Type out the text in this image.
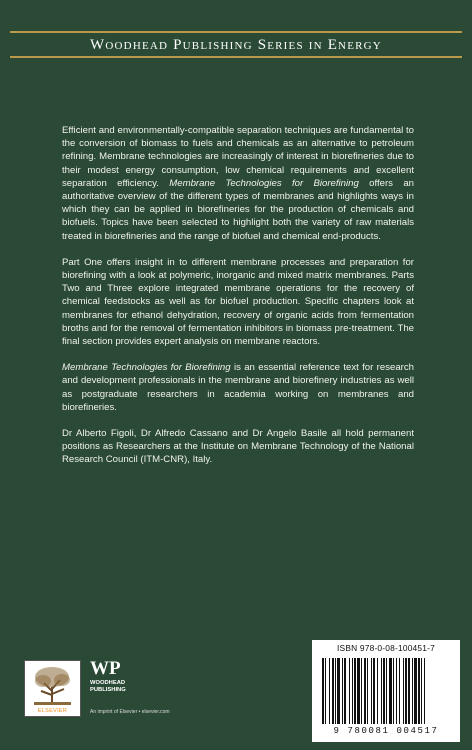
Woodhead Publishing Series in Energy

Efficient and environmentally-compatible separation techniques are fundamental to the conversion of biomass to fuels and chemicals as an alternative to petroleum refining. Membrane technologies are increasingly of interest in biorefineries due to their modest energy consumption, low chemical requirements and excellent separation efficiency. Membrane Technologies for Biorefining offers an authoritative overview of the different types of membranes and highlights ways in which they can be applied in biorefineries for the production of chemicals and biofuels. Topics have been selected to highlight both the variety of raw materials treated in biorefineries and the range of biofuel and chemical end-products.

Part One offers insight in to different membrane processes and preparation for biorefining with a look at polymeric, inorganic and mixed matrix membranes. Parts Two and Three explore integrated membrane operations for the recovery of chemical feedstocks as well as for biofuel production. Specific chapters look at membranes for ethanol dehydration, recovery of organic acids from fermentation broths and for the removal of fermentation inhibitors in biomass pre-treatment. The final section provides expert analysis on membrane reactors.

Membrane Technologies for Biorefining is an essential reference text for research and development professionals in the membrane and biorefinery industries as well as postgraduate researchers in academia working on membranes and biorefineries.

Dr Alberto Figoli, Dr Alfredo Cassano and Dr Angelo Basile all hold permanent positions as Researchers at the Institute on Membrane Technology of the National Research Council (ITM-CNR), Italy.

ELSEVIER
WP
WOODHEAD
PUBLISHING
An imprint of Elsevier • elsevier.com
ISBN 978-0-08-100451-7
9 780081 004517
